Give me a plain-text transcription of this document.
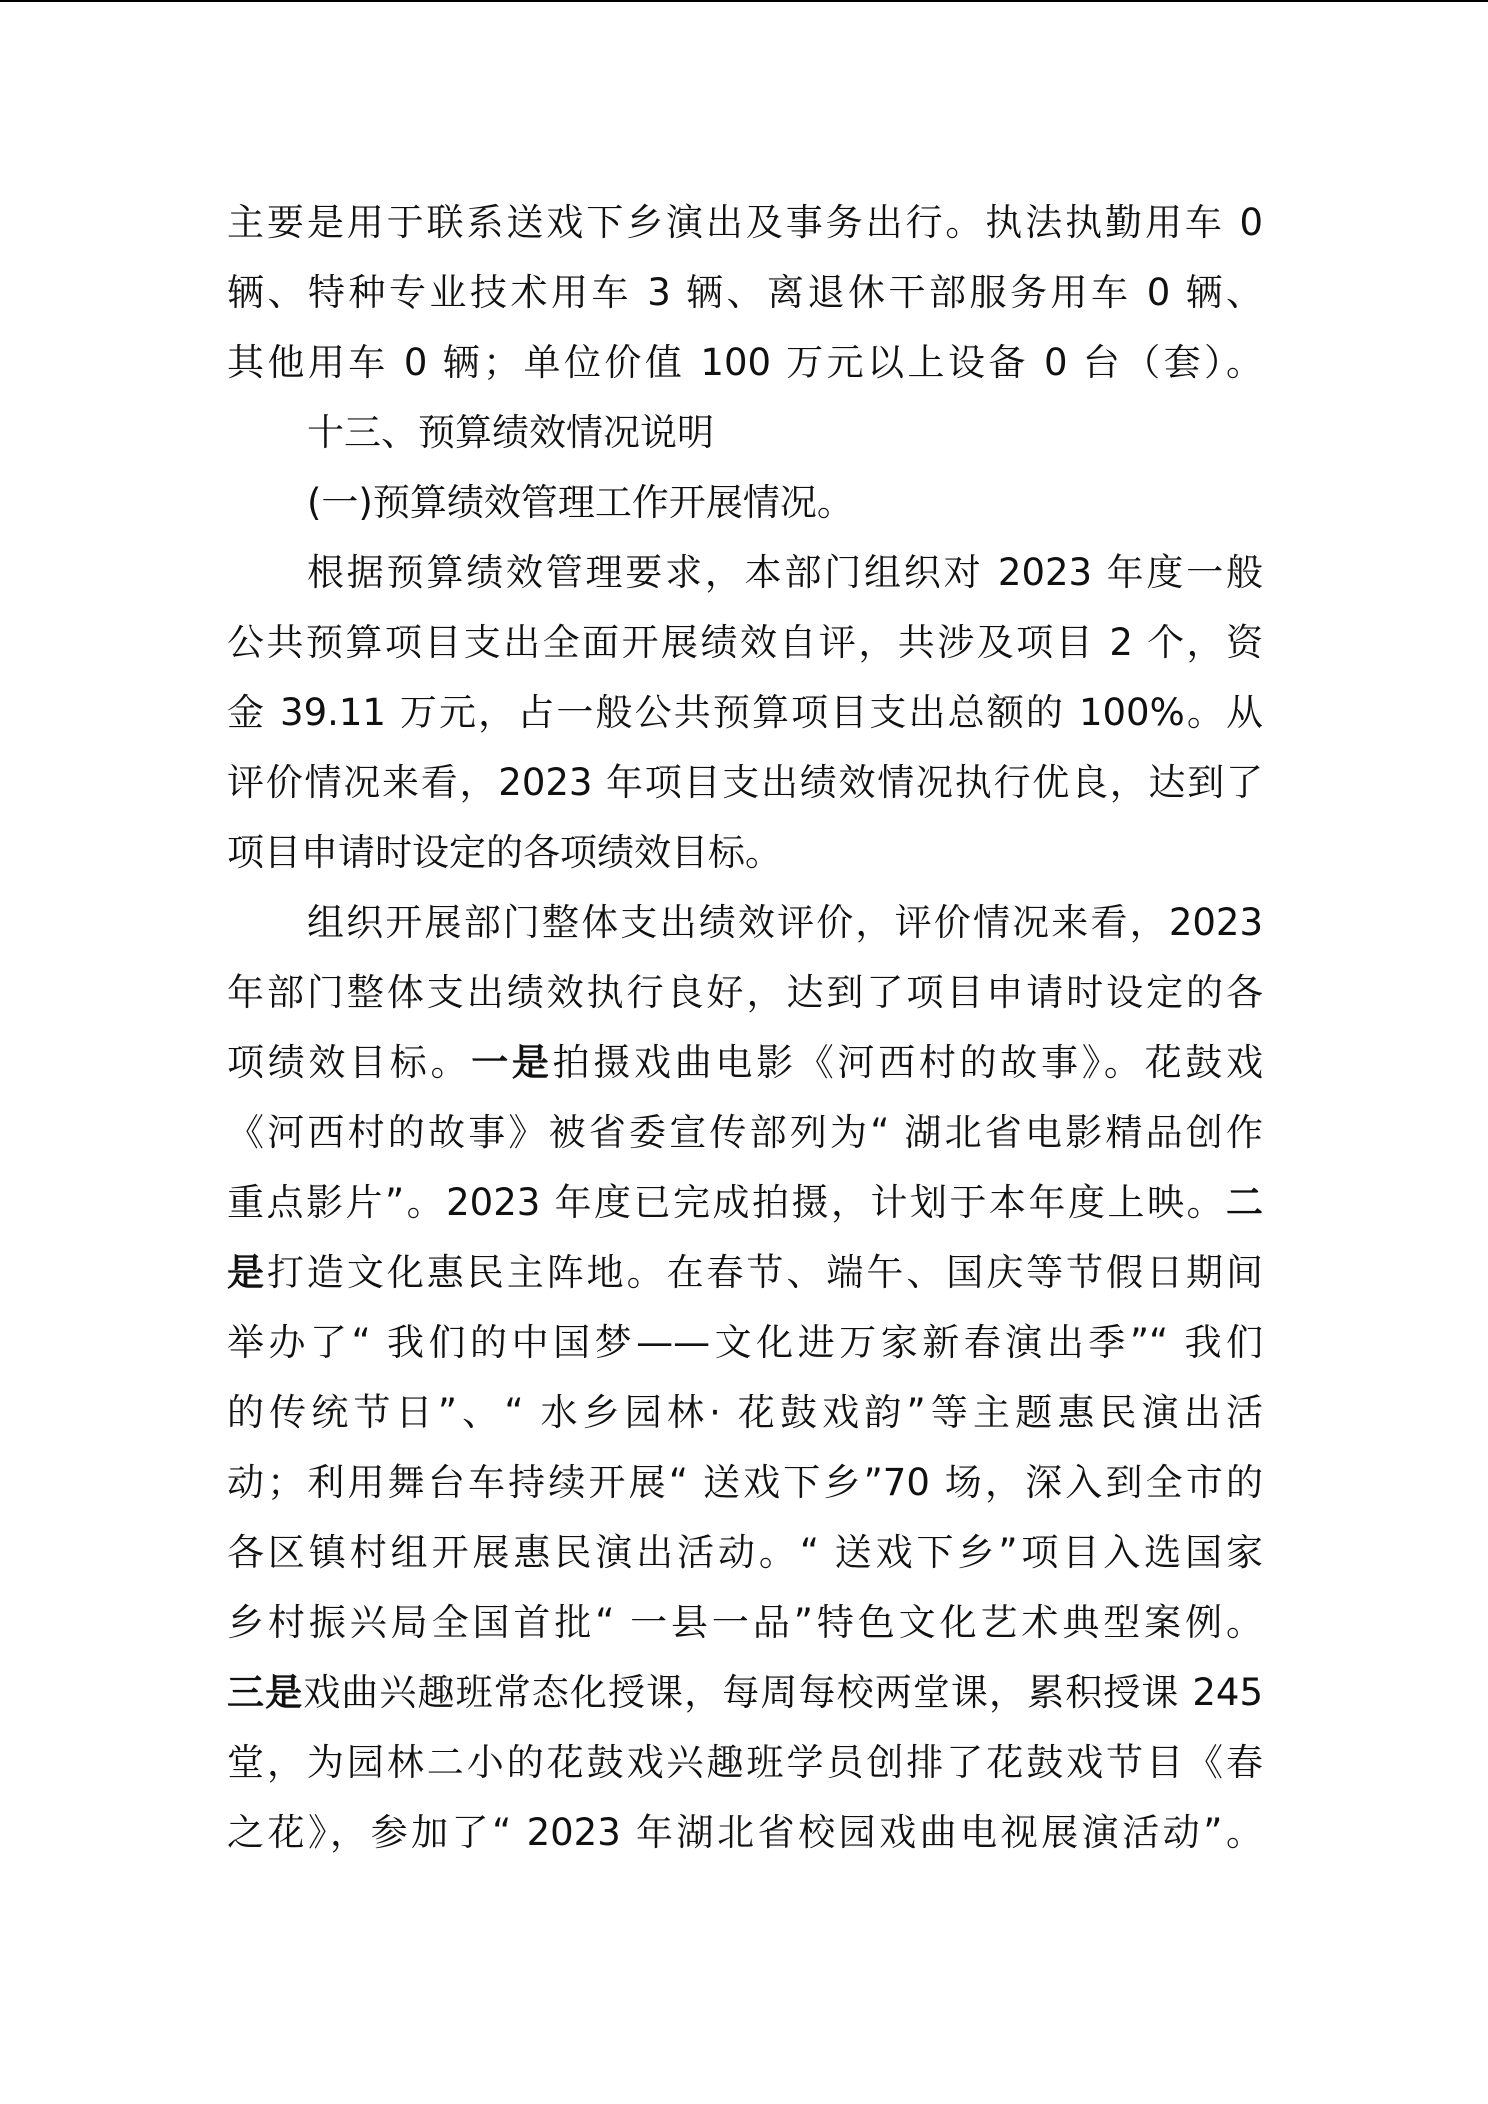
主要是用于联系送戏下乡演出及事务出行。执法执勤用车 0
辆、特种专业技术用车 3 辆、离退休干部服务用车 0 辆、
其他用车 0 辆；单位价值 100 万元以上设备 0 台（套）。
十三、预算绩效情况说明
(一)预算绩效管理工作开展情况。
根据预算绩效管理要求，本部门组织对 2023 年度一般
公共预算项目支出全面开展绩效自评，共涉及项目 2 个，资
金 39.11 万元，占一般公共预算项目支出总额的 100%。从
评价情况来看，2023 年项目支出绩效情况执行优良，达到了
项目申请时设定的各项绩效目标。
组织开展部门整体支出绩效评价，评价情况来看，2023
年部门整体支出绩效执行良好，达到了项目申请时设定的各
项绩效目标。一是拍摄戏曲电影《河西村的故事》。花鼓戏
《河西村的故事》被省委宣传部列为“ 湖北省电影精品创作
重点影片”。2023 年度已完成拍摄，计划于本年度上映。二
是打造文化惠民主阵地。在春节、端午、国庆等节假日期间
举办了“ 我们的中国梦——文化进万家新春演出季”“ 我们
的传统节日”、“ 水乡园林· 花鼓戏韵”等主题惠民演出活
动；利用舞台车持续开展“ 送戏下乡”70 场，深入到全市的
各区镇村组开展惠民演出活动。“ 送戏下乡”项目入选国家
乡村振兴局全国首批“ 一县一品”特色文化艺术典型案例。
三是戏曲兴趣班常态化授课，每周每校两堂课，累积授课 245
堂，为园林二小的花鼓戏兴趣班学员创排了花鼓戏节目《春
之花》，参加了“ 2023 年湖北省校园戏曲电视展演活动”。
